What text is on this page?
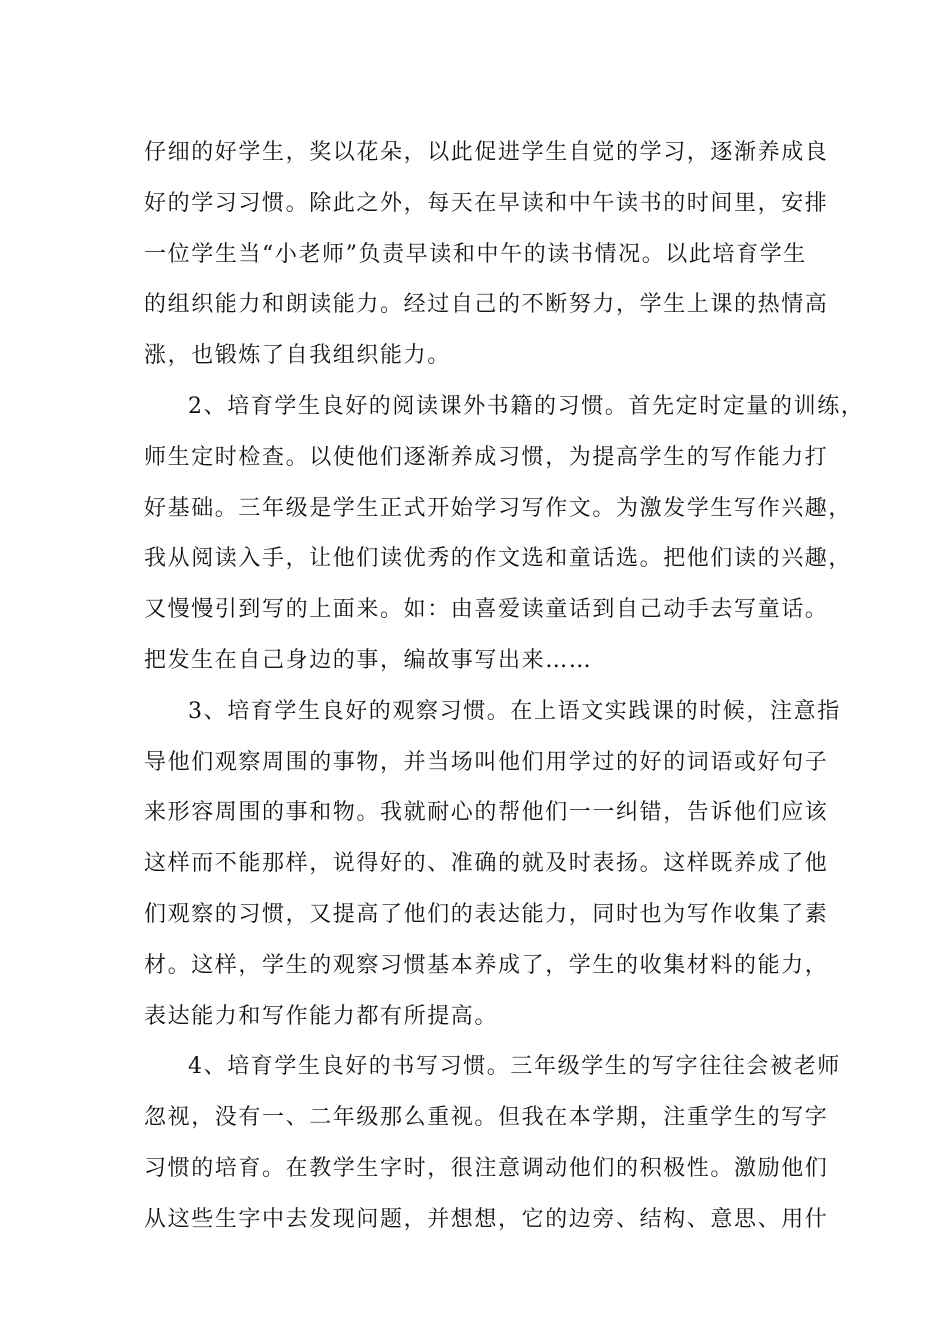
仔细的好学生，奖以花朵，以此促进学生自觉的学习，逐渐养成良
好的学习习惯。除此之外，每天在早读和中午读书的时间里，安排
一位学生当“小老师”负责早读和中午的读书情况。以此培育学生
的组织能力和朗读能力。经过自己的不断努力，学生上课的热情高
涨，也锻炼了自我组织能力。
2、培育学生良好的阅读课外书籍的习惯。首先定时定量的训练，
师生定时检查。以使他们逐渐养成习惯，为提高学生的写作能力打
好基础。三年级是学生正式开始学习写作文。为激发学生写作兴趣，
我从阅读入手，让他们读优秀的作文选和童话选。把他们读的兴趣，
又慢慢引到写的上面来。如：由喜爱读童话到自己动手去写童话。
把发生在自己身边的事，编故事写出来……
3、培育学生良好的观察习惯。在上语文实践课的时候，注意指
导他们观察周围的事物，并当场叫他们用学过的好的词语或好句子
来形容周围的事和物。我就耐心的帮他们一一纠错，告诉他们应该
这样而不能那样，说得好的、准确的就及时表扬。这样既养成了他
们观察的习惯，又提高了他们的表达能力，同时也为写作收集了素
材。这样，学生的观察习惯基本养成了，学生的收集材料的能力，
表达能力和写作能力都有所提高。
4、培育学生良好的书写习惯。三年级学生的写字往往会被老师
忽视，没有一、二年级那么重视。但我在本学期，注重学生的写字
习惯的培育。在教学生字时，很注意调动他们的积极性。激励他们
从这些生字中去发现问题，并想想，它的边旁、结构、意思、用什
